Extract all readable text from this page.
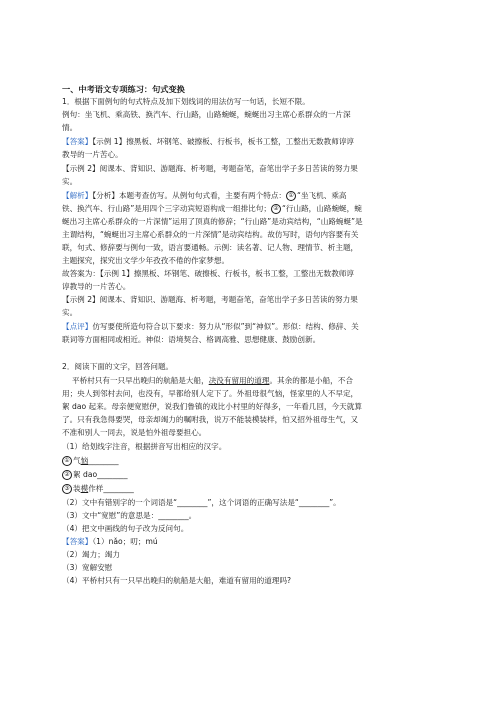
一、中考语文专项练习：句式变换
1．根据下面例句的句式特点及加下划线词的用法仿写一句话，长短不限。
例句：坐飞机、乘高铁、换汽车、行山路，山路蜿蜒，蜿蜒出习主席心系群众的一片深
情。
【答案】【示例 1】擦黑板、坏钢笔、破擦板、行板书，板书工整，工整出无数教师谆谆
教导的一片苦心。
【示例 2】阅课本、背知识、游题海、析考题，考题奋笔，奋笔出学子多日苦读的努力果
实。
【解析】【分析】本题考查仿写。从例句句式看，主要有两个特点： ① “坐飞机、乘高
铁、换汽车、行山路”是用四个三字动宾短语构成一组排比句； ② “行山路，山路蜿蜒，蜿
蜒出习主席心系群众的一片深情”运用了顶真的修辞；“行山路”是动宾结构，“山路蜿蜒”是
主谓结构，“蜿蜒出习主席心系群众的一片深情”是动宾结构。故仿写时，语句内容要有关
联，句式、修辞要与例句一致，语言要通畅。示例：读名著、记人物、理情节、析主题，
主题探究，探究出文学少年孜孜不倦的作家梦想。
故答案为：【示例 1】擦黑板、坏钢笔、破擦板、行板书，板书工整，工整出无数教师谆
谆教导的一片苦心。
【示例 2】阅课本、背知识、游题海、析考题，考题奋笔，奋笔出学子多日苦读的努力果
实。
【点评】仿写要使所造句符合以下要求：努力从“形似”到“神似”。形似：结构、修辞、关
联词等方面相同或相近。神似：语境契合、格调高雅、思想健康、鼓励创新。
2．阅读下面的文字，回答问题。
平桥村只有一只早出晚归的航船是大船，决没有留用的道理。其余的都是小船，不合
用；央人到邻村去问，也没有，早都给别人定下了。外祖母很气恼，怪家里的人不早定，
絮 dao 起来。母亲便宽慰伊，说我们鲁镇的戏比小村里的好得多，一年看几回，今天就算
了。只有我急得要哭，母亲却竭力的嘱咐我，说万不能装模装样，怕又招外祖母生气，又
不准和别人一同去，说是怕外祖母要担心。
（1）给划线字注音，根据拼音写出相应的汉字。
① 气恼________
② 絮 dao________
③ 装模作样________
（2）文中有错别字的一个词语是“________”，这个词语的正确写法是“________”。
（3）文中“宽慰”的意思是：________。
（4）把文中画线的句子改为反问句。
【答案】（1）nǎo；叨；mú
（2）竭力；竭力
（3）宽解安慰
（4）平桥村只有一只早出晚归的航船是大船，难道有留用的道理吗?
